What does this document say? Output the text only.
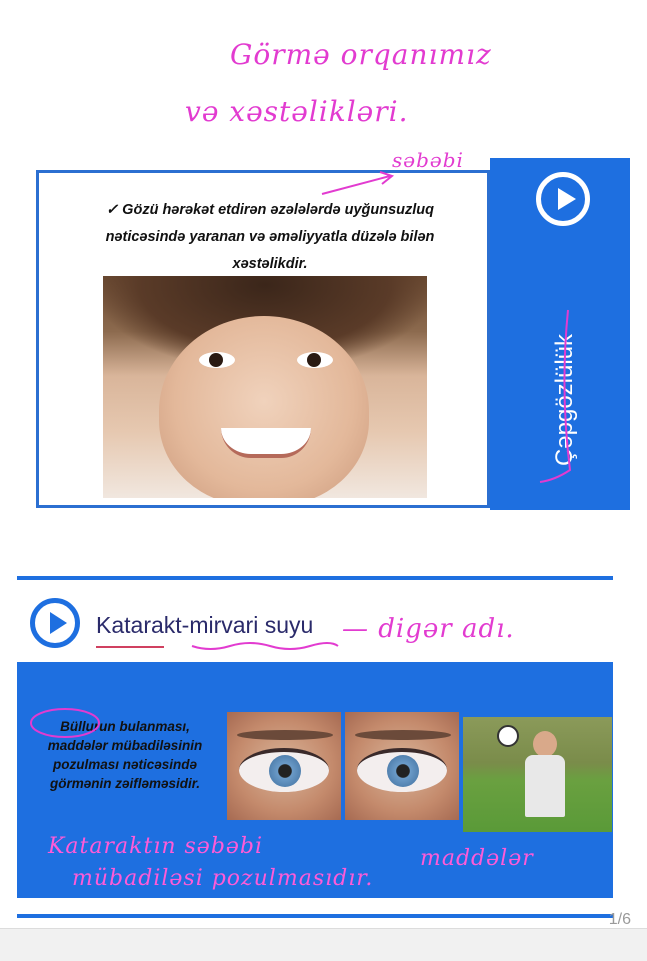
Görmə orqanımız
və xəstəlikləri.
Çəpgözlülük
səbəbi
✓ Gözü hərəkət etdirən əzələlərdə uyğunsuzluq nəticəsində yaranan və əməliyyatla düzələ bilən xəstəlikdir.
Katarakt-mirvari suyu — digər adı.
Büllurun bulanması, maddələr mübadiləsinin pozulması nəticəsində görmənin zəifləməsidir.
Kataraktın səbəbi	maddələr
mübadiləsi pozulmasıdır.
1/6
